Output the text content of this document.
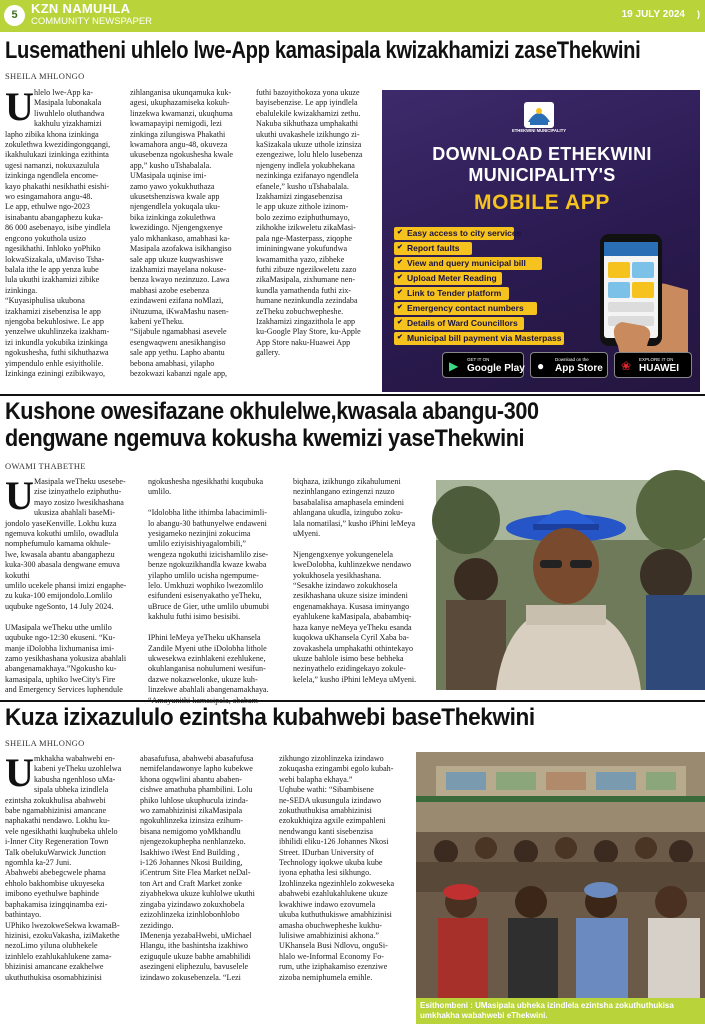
5	KZN NAMUHLA
COMMUNITY NEWSPAPER
19 JULY 2024 )
Lusematheni uhlelo lwe-App kamasipala kwizakhamizi zaseThekwini
SHEILA MHLONGO
Uhlelo lwe-App ka-
Masipala lubonakala
liwuhlelo oluthandwa
kakhulu yizakhamizi
lapho zibika khona izinkinga
zokulethwa kwezidingongqangi,
ikakhulukazi izinkinga ezithinta
ugesi namanzi, nokuxazulula
izinkinga ngendlela encome-
kayo phakathi nesikhathi esishi-
wo esingamahora angu-48.
Le app, ethulwe ngo-2023
isinabantu abangaphezu kuka-
86 000 asebenayo, isibe yindlela
engcono yokuthola usizo
ngesikhathi. Inhloko yoPhiko
lokwaSizakala, uMaviso Tsha-
balala ithe le app yenza kube
lula ukuthi izakhamizi zibike
izinkinga.
“Kuyasiphulisa ukubona
izakhamizi zisebenzisa le app
njengoba bekuhlosiwe. Le app
yenzelwe ukuhlinzeka izakham-
izi inkundla yokubika izinkinga
ngokushesha, futhi sikhuthazwa
yimpendulo enhle esiyitholile.
Izinkinga eziningi ezibikwayo,
zihlanganisa ukunqamuka kuk-
agesi, ukuphazamiseka kokuh-
linzekwa kwamanzi, ukuqhuma
kwamapayipi nemigodi, lezi
zinkinga zilungiswa Phakathi
kwamahora angu-48, okuveza
ukusebenza ngokushesha kwale
app,” kusho uTshabalala.
UMasipala uqinise imi-
zamo yawo yokukhuthaza
ukusetshenziswa kwale app
njengendlela yokuqala uku-
bika izinkinga zokulethwa
kwezidingo. Njengengxenye
yalo mkhankaso, amabhasi ka-
Masipala azofakwa isikhangiso
sale app ukuze kuqwashiswe
izakhamizi mayelana nokuse-
benza kwayo nezinzuzo. Lawa
mabhasi azobe esebenza
ezindaweni ezifana noMlazi,
iNtuzuma, iKwaMashu nasen-
kabeni yeTheku.
“Sijabule ngamabhasi asevele
esengwaqwenı anesikhangiso
sale app yethu. Lapho abantu
bebona amabhasi, yilapho
bezokwazi kabanzi ngale app,
futhi bazoyithokoza yona ukuze
bayisebenzise. Le app iyindlela
ebalulekile kwizakhamizi zethu.
Nakuba sikhuthaza umphakathi
ukuthi uvakashele izikhungo zi-
kaSizakala ukuze uthole izinsiza
ezengeziwe, lolu hlelo lusebenza
njengeny indlela yokubhekana
nezinkinga ezifanayo ngendlela
efanele,” kusho uTshabalala.
Izakhamizi zingasebenzisa
le app ukuze zithole izinom-
bolo zezimo eziphuthumayo,
zikhokhe izikweletu zikaMasi-
pala nge-Masterpass, ziqophe
imininingwane yokufundwa
kwamamitha yazo, zibheke
futhi zibuze ngezikweletu zazo
zikaMasipala, zixhumane nen-
kundla yamathenda futhi zix-
humane nezinkundla zezindaba
zeTheku zobuchwepheshe.
Izakhamizi zingazithola le app
ku-Google Play Store, ku-Apple
App Store naku-Huawei App
gallery.
ETHEKWINI MUNICIPALITY
DOWNLOAD ETHEKWINI
MUNICIPALITY'S
MOBILE APP
✔ Easy access to city services
✔ Report faults
✔ View and query municipal bill
✔ Upload Meter Reading
✔ Link to Tender platform
✔ Emergency contact numbers
✔ Details of Ward Councillors
✔ Municipal bill payment via Masterpass
▶ GET IT ON
Google Play ● Download on the
App Store ❀ EXPLORE IT ON
HUAWEI
Kushone owesifazane okhulelwe,kwasala abangu-300
dengwane ngemuva kokusha kwemizi yaseThekwini
OWAMI THABETHE
U Masipala weTheku usesebe-
zise izinyathelo eziphuthu-
mayo zosizo lwesikhashana
ukusiza abahlali baseMi-
jondolo yaseKenville. Lokhu kuza
ngemuva kokuthi umlilo, owadlula
nomphefumulo kamama okhule-
lwe, kwasala abantu abangaphezu
kuka-300 abasala dengwane emuva
kokuthi
umlilo ucekele phansi imizi engaphe-
zu kuka-100 emijondolo.Lomlilo
uqubuke ngeSonto, 14 July 2024.

UMasipala weTheku uthe umlilo
uqubuke ngo-12:30 ekuseni. “Ku-
manje iDolobha lixhumanisa imi-
zamo yesikhashana yokusiza abahlali
abangenamakhaya.”Ngokusho ku-
kamasipala, uphiko lweCity's Fire
and Emergency Services luphendule
ngokushesha ngesikhathi kuqubuka
umlilo.

“Idolobha lithe ithimba labacimimli-
lo abangu-30 bathunyelwe endaweni
yesigameko nezinjini zokucima
umlilo eziyisishiyagalombili,”
wengeza ngokuthi izicishamlilo zise-
benze ngokuzikhandla kwaze kwaba
yilapho umlilo ucisha ngempume-
lelo. Umkhuzi wophiko lwezomlilo
esifundeni esisenyakatho yeTheku,
uBruce de Gier, uthe umlilo ubumubi
kakhulu futhi isimo besisibi.

IPhini leMeya yeTheku uKhansela
Zandile Myeni uthe iDolobha lithole
ukwesekwa ezinhlakeni ezehlukene,
okuhlanganisa nohulumeni wesifun-
dazwe nokazwelonke, ukuze kuh-
linzekwe abahlali abangenamakhaya.

bіqhaza, izikhungo zikahulumeni
nezinhlangano ezingenzi nzuzo
basabalalisa amaphasela emindeni
ahlangana ukudla, izingubo zoku-
lala nomatilasi,” kusho iPhini leMeya
uMyeni.

Njengengxenye yokungenelela
kweDolobha, kuhlinzekwe nendawo
yokukhosela yesikhashana.
“Sesakhe izindawo zokukhosela
zesikhashana ukuze sisize imindeni
engenamakhaya. Kusasa iminyango
eyahlukene kaMasipala, ababambiq-
haza kanye neMeya yeTheku esanda
kuqokwa uKhansela Cyril Xaba ba-
zovakashela umphakathi othintekayo
ukuze bahlole isimo bese bebheka
nezinyathelo ezidingekayo zokule-
kelela,” kusho iPhini leMeya uMyeni.
Kuza izixazululo ezintsha kubahwebi baseThekwini
SHEILA MHLONGO
Umkhakha wabahwebi en-
kabeni yeTheku uzohlelwa
kabusha ngenhloso uMa-
sipala ubheka izindlela
ezintsha zokukhulisa abahwebi
babe ngamabhizinisi amancane
naphakathi nendawo. Lokhu ku-
vele ngesikhathi kuqhubeka uhlelo
i-Inner City Regeneration Town
Talk obelukuWarwick Junction
ngomhla ka-27 Juni.
Abahwebi abebegcwele phama
ehholo bakhombise ukuyeseka
imibono eyethulwe baphinde
baphakamisa izingqinamba ezi-
bathintayo.
UPhiko lwezokwеSekwa kwamaB-
hizinisi, ezokuVakasha, iziMakethe
nezoLimo yiluna olubhekele
izinhlelo ezahlukahlukene zama-
bhizinisi amancane ezakhelwe
ukuthuthukisa osomabhizinisi
abasafufusa, abahwebi abasafufusa
nemifelandawonye lapho kubekwe
khona ogqwlini abantu ababen-
cishwe amathuba phambilini. Lolu
phiko luhlose ukuphucula izinda-
wo zamabhizinisi zikaMasipala
ngokuhlinzeka izinsiza ezihum-
bisana nemigomo yoMkhandlu
njengezokuphepha nenhlanzeko.
Isakhiwo iWest End Building ,
i-126 Johannes Nkosi Building,
iCentrum Site Flea Market neDal-
ton Art and Craft Market zonke
ziyabhekwa ukuze kuhlolwe ukuthi
zingaba yizindawo zokuxhobela
ezizohlinzeka izinhlobonhlobo
zezidingo.
IMenenja yezabaHwebi, uMichael
Hlangu, ithe bashintsha izakhiwo
eziguqule ukuze babhe amabhilidi
asezingeni eliphezulu, bavuselele
izindawo zokusebenzela. “Lezi
zikhungo zizohlinzeka izindawo
zokuqasha ezingambi egolo kubah-
webi balapha ekhaya.”
Uqhube wathi: “Sibambisene
ne-SEDA ukusungula izindawo
zokuthuthukisa amabhizinisi
ezokukhiqiza agxile ezimpahleni
nendwangu kanti sisebenzisa
ibhilidi eliku-126 Johannes Nkosi
Street. IDurban University of
Technology iqokwe ukuba kube
iyona ephatha lesi sikhungo.
Izohlinzeka ngezinhlelo zokweseka
abahwebi ezahlukahlukene ukuze
kwakhiwe indawo ezovumela
ukuba kuthuthukiswe amabhizinisi
amasha obuchwepheshe kukhu-
lulisiwe amabhizinisi akhona.”
UKhansela Busi Ndlovu, onguSi-
hlalo we-Informal Economy Fo-
rum, uthe iziphakamiso ezenziwe
zizoba nemiphumela emihle.
Esithombeni : UMasipala ubheka izindlela ezintsha zokuthuthukisa umkhakha wabahwebi eThekwini.
